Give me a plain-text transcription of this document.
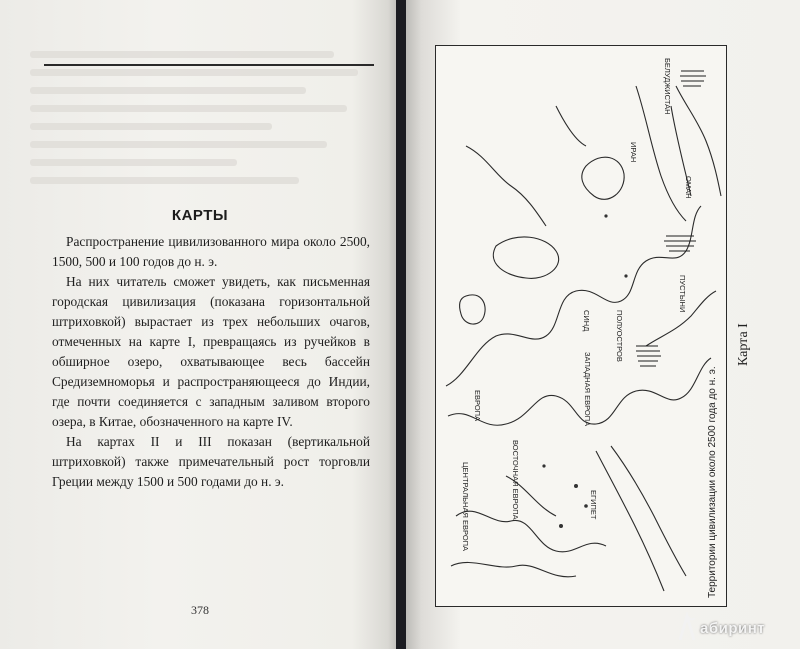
КАРТЫ

Распространение цивилизованного мира около 2500, 1500, 500 и 100 годов до н. э.

На них читатель сможет увидеть, как письменная городская цивилизация (показана горизонтальной штриховкой) вырастает из трех небольших очагов, отмеченных на карте I, превращаясь из ручейков в обширное озеро, охватывающее весь бассейн Средиземноморья и распространяющееся до Индии, где почти соединяется с западным заливом второго озера, в Китае, обозначенного на карте IV.

На картах II и III показан (вертикальной штриховкой) также примечательный рост торговли Греции между 1500 и 500 годами до н. э.

378
ЗАПАДНАЯ ЕВРОПА
ЦЕНТРАЛЬНАЯ ЕВРОПА	ВОСТОЧНАЯ ЕВРОПА
ЕВРОПА
ПУСТЫНИ
ИРАН
ЕГИПЕТ
ОМАН
СИНД
БЕЛУДЖИСТАН
ПОЛУОСТРОВ	Карта I
абиринт
